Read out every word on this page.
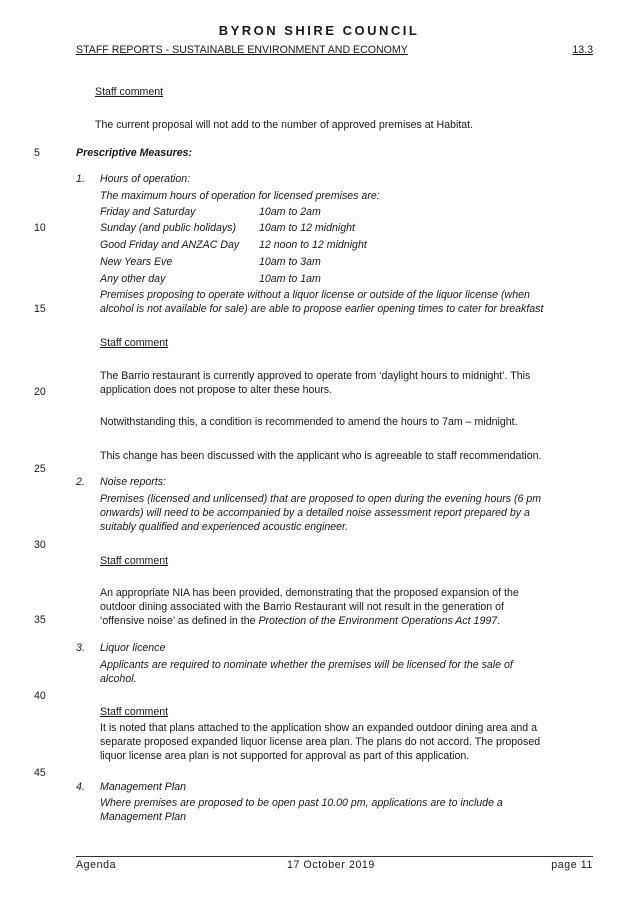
BYRON SHIRE COUNCIL
STAFF REPORTS - SUSTAINABLE ENVIRONMENT AND ECONOMY	13.3
5
10
15
20
25
30
35
40
45
Staff comment
The current proposal will not add to the number of approved premises at Habitat.
Prescriptive Measures:
1. Hours of operation:
The maximum hours of operation for licensed premises are:
Friday and Saturday	10am to 2am
Sunday (and public holidays) 10am to 12 midnight
Good Friday and ANZAC Day 12 noon to 12 midnight
New Years Eve	10am to 3am
Any other day	10am to 1am
Premises proposing to operate without a liquor license or outside of the liquor license (when
alcohol is not available for sale) are able to propose earlier opening times to cater for breakfast
Staff comment
The Barrio restaurant is currently approved to operate from ‘daylight hours to midnight’. This
application does not propose to alter these hours.
Notwithstanding this, a condition is recommended to amend the hours to 7am – midnight.
This change has been discussed with the applicant who is agreeable to staff recommendation.
2. Noise reports:
Premises (licensed and unlicensed) that are proposed to open during the evening hours (6 pm
onwards) will need to be accompanied by a detailed noise assessment report prepared by a
suitably qualified and experienced acoustic engineer.
Staff comment
An appropriate NIA has been provided, demonstrating that the proposed expansion of the
outdoor dining associated with the Barrio Restaurant will not result in the generation of
‘offensive noise’ as defined in the Protection of the Environment Operations Act 1997.
3. Liquor licence
Applicants are required to nominate whether the premises will be licensed for the sale of
alcohol.
Staff comment
It is noted that plans attached to the application show an expanded outdoor dining area and a
separate proposed expanded liquor license area plan. The plans do not accord. The proposed
liquor license area plan is not supported for approval as part of this application.
4. Management Plan
Where premises are proposed to be open past 10.00 pm, applications are to include a
Management Plan
Agenda	17 October 2019	page 11
